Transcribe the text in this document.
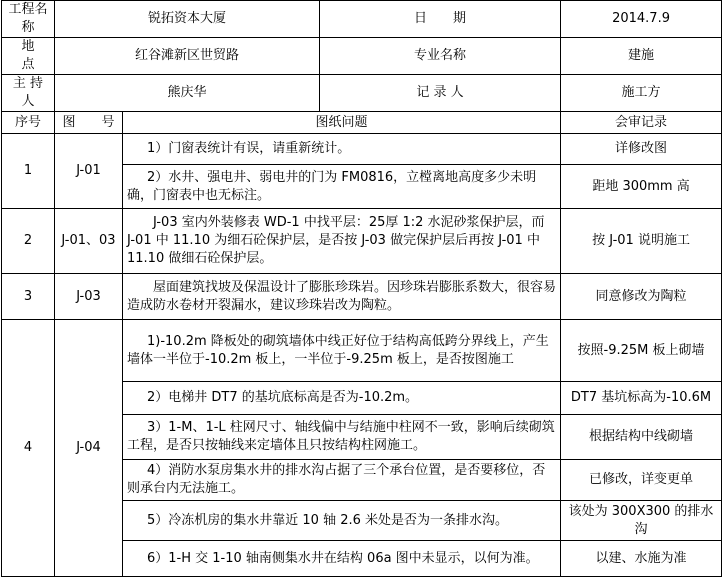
工程名称	锐拓资本大厦		日　　期	2014.7.9
地　　点	红谷滩新区世贸路		专业名称	建施
主 持 人	熊庆华		记 录 人	施工方
序号	图　　号	图纸问题		会审记录
1	J-01	1）门窗表统计有误，请重新统计。		详修改图
		2）水井、强电井、弱电井的门为 FM0816，立樘离地高度多少未明确，门窗表中也无标注。		距地 300mm 高
2	J-01、03	J-03 室内外装修表 WD-1 中找平层：25厚 1:2 水泥砂浆保护层，而 J-01 中 11.10 为细石砼保护层，是否按 J-03 做完保护层后再按 J-01 中 11.10 做细石砼保护层。		按 J-01 说明施工
3	J-03	屋面建筑找坡及保温设计了膨胀珍珠岩。因珍珠岩膨胀系数大，很容易造成防水卷材开裂漏水，建议珍珠岩改为陶粒。		同意修改为陶粒
4	J-04	1)-10.2m 降板处的砌筑墙体中线正好位于结构高低跨分界线上，产生墙体一半位于-10.2m 板上，一半位于-9.25m 板上，是否按图施工		按照-9.25M 板上砌墙
		2）电梯井 DT7 的基坑底标高是否为-10.2m。		DT7 基坑标高为-10.6M
		3）1-M、1-L 柱网尺寸、轴线偏中与结施中柱网不一致，影响后续砌筑工程，是否只按轴线来定墙体且只按结构柱网施工。		根据结构中线砌墙
		4）消防水泵房集水井的排水沟占据了三个承台位置，是否要移位，否则承台内无法施工。		已修改，详变更单
		5）冷冻机房的集水井靠近 10 轴 2.6 米处是否为一条排水沟。		该处为 300X300 的排水沟
		6）1-H 交 1-10 轴南侧集水井在结构 06a 图中未显示，以何为准。		以建、水施为准
